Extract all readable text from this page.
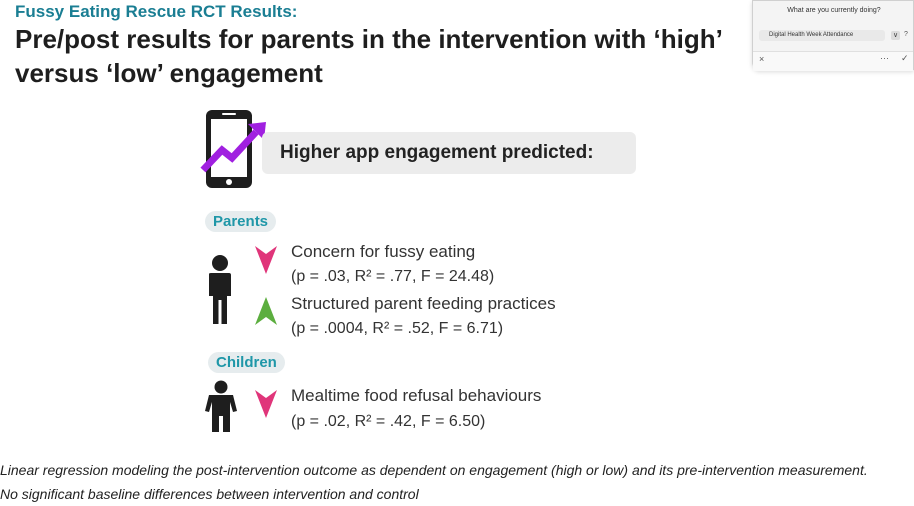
Fussy Eating Rescue RCT Results:
Pre/post results for parents in the intervention with ‘high’
versus ‘low’ engagement
Higher app engagement predicted:
Parents
Concern for fussy eating
(p = .03, R² = .77, F = 24.48)
Structured parent feeding practices
(p = .0004, R² = .52, F = 6.71)
Children
Mealtime food refusal behaviours
(p = .02, R² = .42, F = 6.50)
Linear regression modeling the post-intervention outcome as dependent on engagement (high or low) and its pre-intervention measurement.
No significant baseline differences between intervention and control
What are you currently doing?
Digital Health Week Attendance	∨ ?
×	··· ✓
